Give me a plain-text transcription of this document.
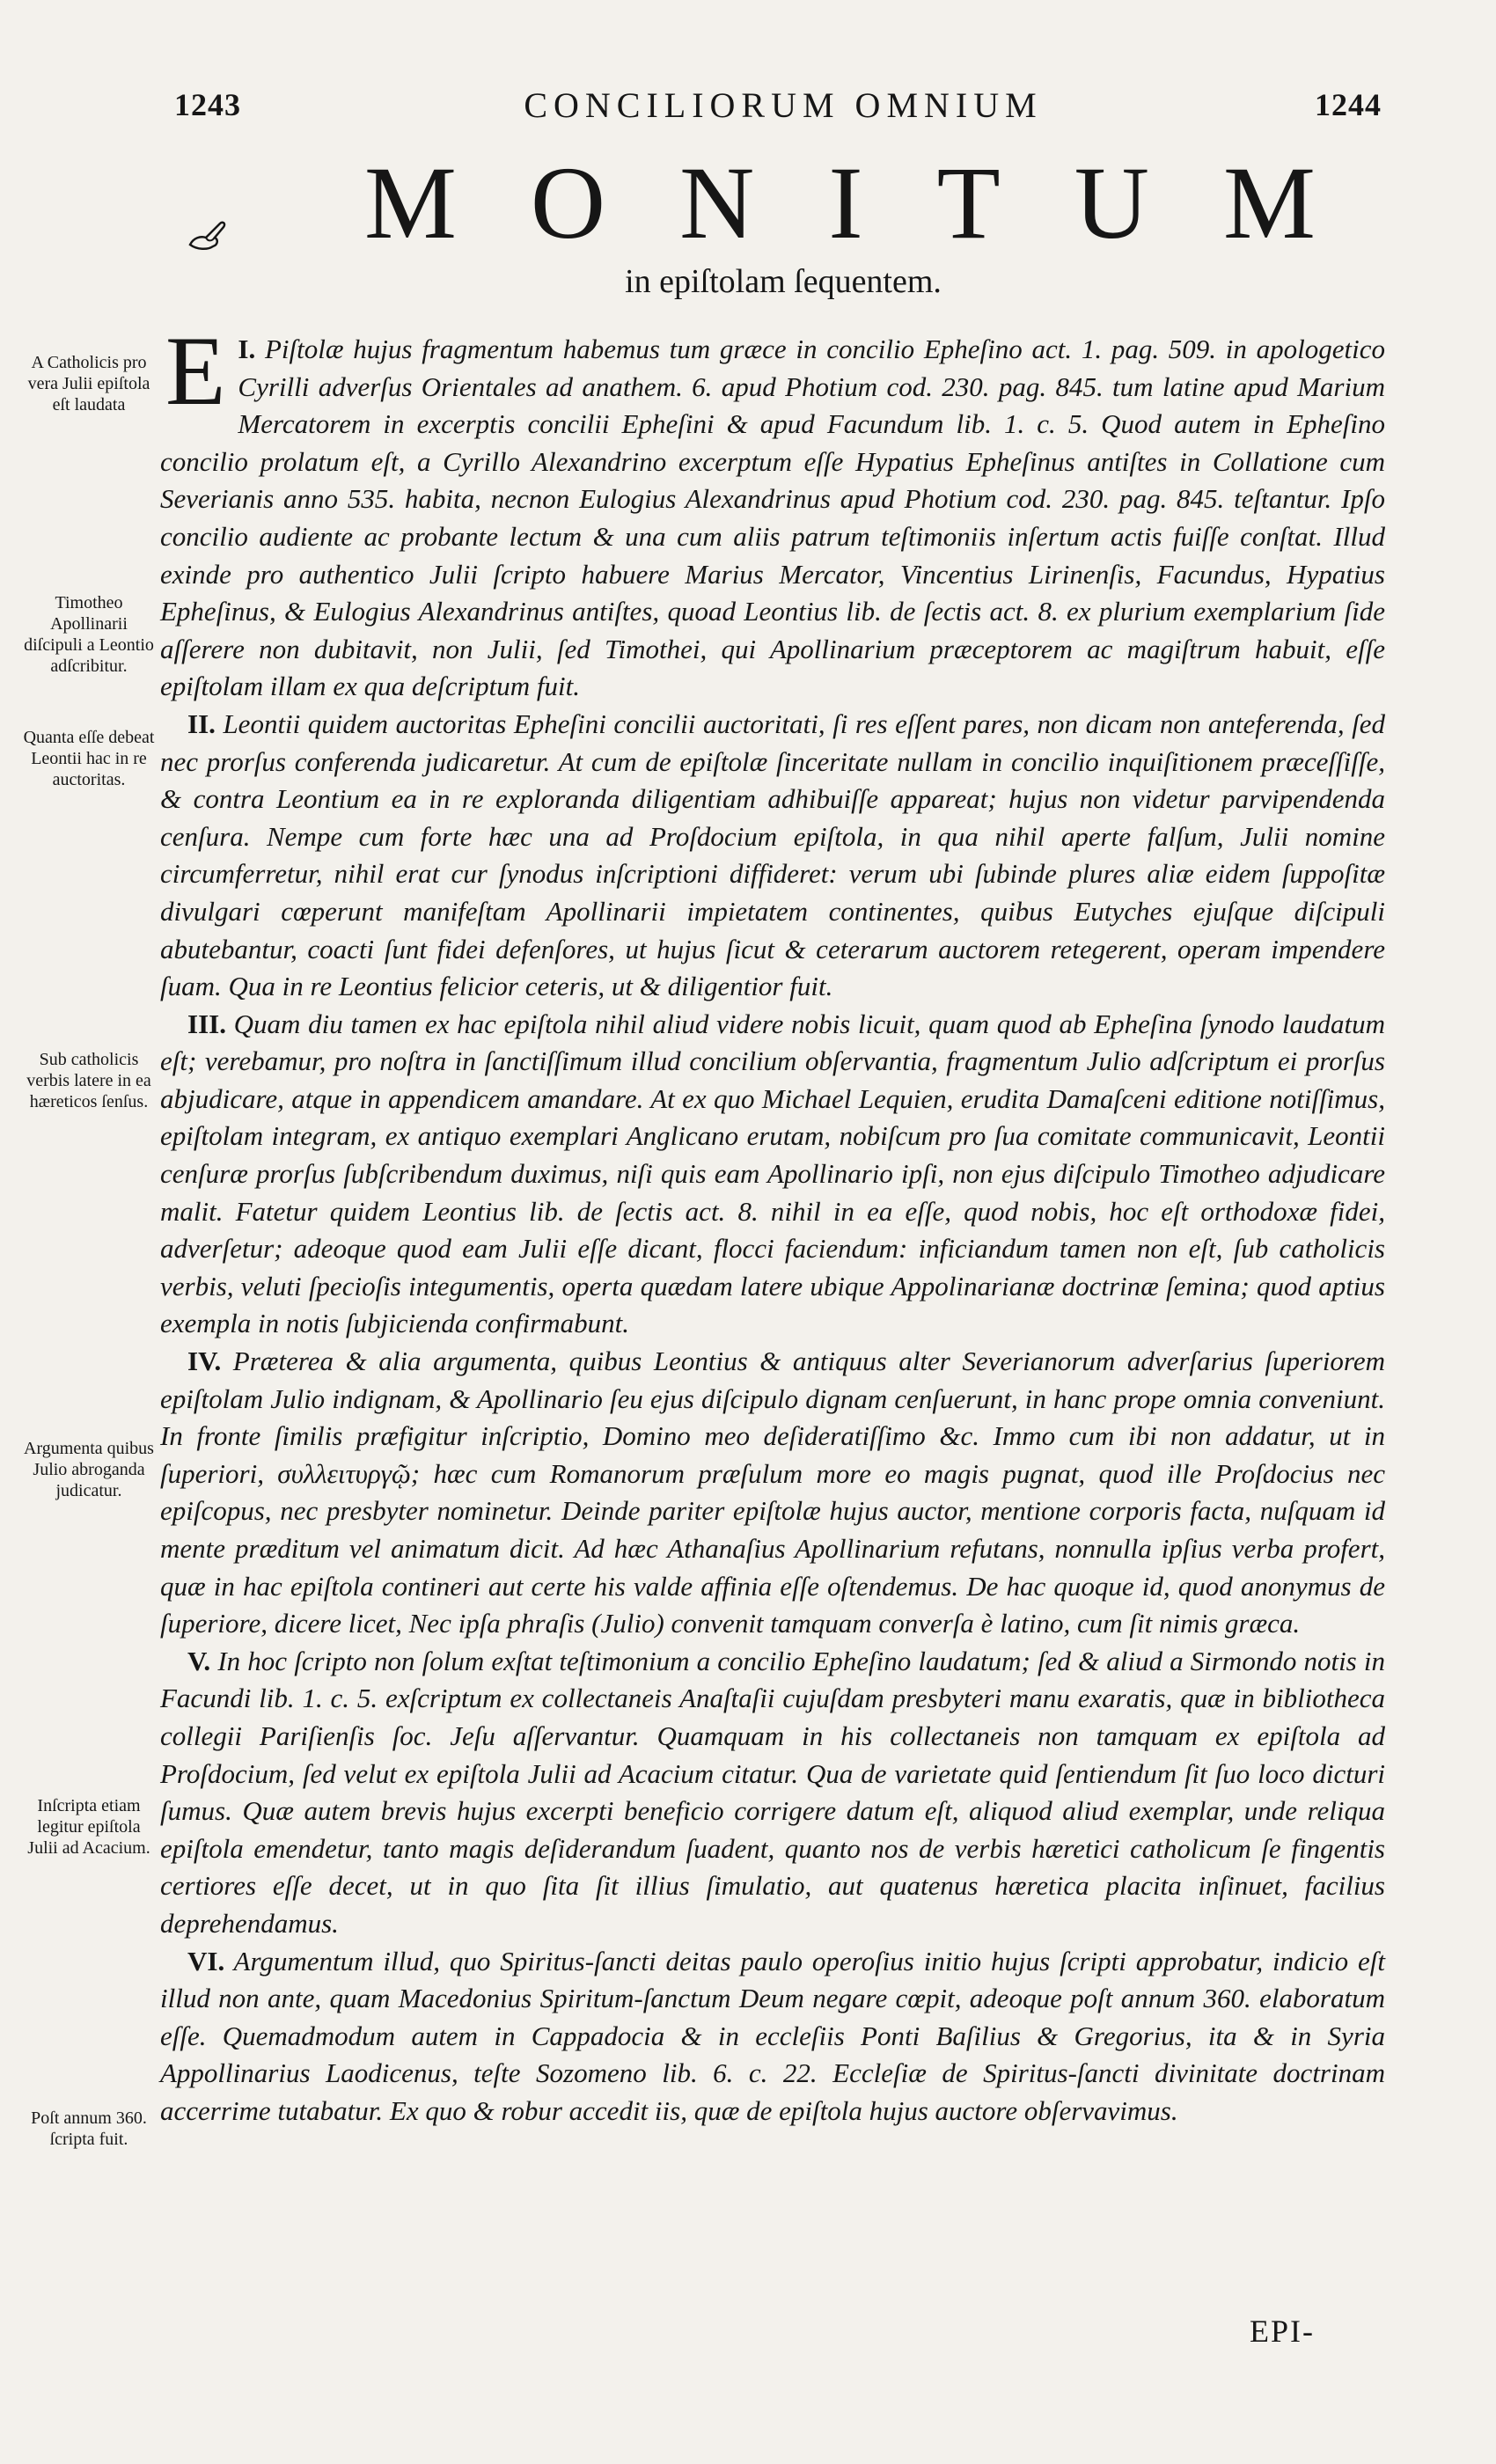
1243	CONCILIORUM OMNIUM	1244
MONITUM
in epiſtolam ſequentem.
A Catholicis pro vera Julii epiſtola eſt laudata
Timotheo Apollinarii diſcipuli a Leontio adſcribitur.
Quanta eſſe debeat Leontii hac in re auctoritas.
Sub catholicis verbis latere in ea hæreticos ſenſus.
Argumenta quibus Julio abroganda judicatur.
Inſcripta etiam legitur epiſtola Julii ad Acacium.
Poſt annum 360. ſcripta fuit.

I.
E Piſtolæ hujus fragmentum habemus tum græce in concilio Epheſino act. 1. pag. 509. in apologetico Cyrilli adverſus Orientales ad anathem. 6. apud Photium cod. 230. pag. 845. tum latine apud Marium Mercatorem in excerptis concilii Epheſini & apud Facundum lib. 1. c. 5. Quod autem in Epheſino concilio prolatum eſt, a Cyrillo Alexandrino excerptum eſſe Hypatius Epheſinus antiſtes in Collatione cum Severianis anno 535. habita, necnon Eulogius Alexandrinus apud Photium cod. 230. pag. 845. teſtantur. Ipſo concilio audiente ac probante lectum & una cum aliis patrum teſtimoniis inſertum actis fuiſſe conſtat. Illud exinde pro authentico Julii ſcripto habuere Marius Mercator, Vincentius Lirinenſis, Facundus, Hypatius Epheſinus, & Eulogius Alexandrinus antiſtes, quoad Leontius lib. de ſectis act. 8. ex plurium exemplarium ſide aſſerere non dubitavit, non Julii, ſed Timothei, qui Apollinarium præceptorem ac magiſtrum habuit, eſſe epiſtolam illam ex qua deſcriptum fuit.

 II. Leontii quidem auctoritas Epheſini concilii auctoritati, ſi res eſſent pares, non dicam non anteferenda, ſed nec prorſus conferenda judicaretur. At cum de epiſtolæ ſinceritate nullam in concilio inquiſitionem præceſſiſſe, & contra Leontium ea in re exploranda diligentiam adhibuiſſe appareat; hujus non videtur parvipendenda cenſura. Nempe cum forte hæc una ad Proſdocium epiſtola, in qua nihil aperte falſum, Julii nomine circumferretur, nihil erat cur ſynodus inſcriptioni diffideret: verum ubi ſubinde plures aliæ eidem ſuppoſitæ divulgari cœperunt manifeſtam Apollinarii impietatem continentes, quibus Eutyches ejuſque diſcipuli abutebantur, coacti ſunt fidei defenſores, ut hujus ſicut & ceterarum auctorem retegerent, operam impendere ſuam. Qua in re Leontius felicior ceteris, ut & diligentior fuit.

 III. Quam diu tamen ex hac epiſtola nihil aliud videre nobis licuit, quam quod ab Epheſina ſynodo laudatum eſt; verebamur, pro noſtra in ſanctiſſimum illud concilium obſervantia, fragmentum Julio adſcriptum ei prorſus abjudicare, atque in appendicem amandare. At ex quo Michael Lequien, erudita Damaſceni editione notiſſimus, epiſtolam integram, ex antiquo exemplari Anglicano erutam, nobiſcum pro ſua comitate communicavit, Leontii cenſuræ prorſus ſubſcribendum duximus, niſi quis eam Apollinario ipſi, non ejus diſcipulo Timotheo adjudicare malit. Fatetur quidem Leontius lib. de ſectis act. 8. nihil in ea eſſe, quod nobis, hoc eſt orthodoxæ fidei, adverſetur; adeoque quod eam Julii eſſe dicant, flocci faciendum: inficiandum tamen non eſt, ſub catholicis verbis, veluti ſpecioſis integumentis, operta quædam latere ubique Appolinarianæ doctrinæ ſemina; quod aptius exempla in notis ſubjicienda confirmabunt.

 IV. Præterea & alia argumenta, quibus Leontius & antiquus alter Severianorum adverſarius ſuperiorem epiſtolam Julio indignam, & Apollinario ſeu ejus diſcipulo dignam cenſuerunt, in hanc prope omnia conveniunt. In fronte ſimilis præfigitur inſcriptio, Domino meo deſideratiſſimo &c. Immo cum ibi non addatur, ut in ſuperiori, συλλειτυργῷ; hæc cum Romanorum præſulum more eo magis pugnat, quod ille Proſdocius nec epiſcopus, nec presbyter nominetur. Deinde pariter epiſtolæ hujus auctor, mentione corporis facta, nuſquam id mente præditum vel animatum dicit. Ad hæc Athanaſius Apollinarium refutans, nonnulla ipſius verba profert, quæ in hac epiſtola contineri aut certe his valde affinia eſſe oſtendemus. De hac quoque id, quod anonymus de ſuperiore, dicere licet, Nec ipſa phraſis (Julio) convenit tamquam converſa è latino, cum ſit nimis græca.

 V. In hoc ſcripto non ſolum exſtat teſtimonium a concilio Epheſino laudatum; ſed & aliud a Sirmondo notis in Facundi lib. 1. c. 5. exſcriptum ex collectaneis Anaſtaſii cujuſdam presbyteri manu exaratis, quæ in bibliotheca collegii Pariſienſis ſoc. Jeſu aſſervantur. Quamquam in his collectaneis non tamquam ex epiſtola ad Proſdocium, ſed velut ex epiſtola Julii ad Acacium citatur. Qua de varietate quid ſentiendum ſit ſuo loco dicturi ſumus. Quæ autem brevis hujus excerpti beneficio corrigere datum eſt, aliquod aliud exemplar, unde reliqua epiſtola emendetur, tanto magis deſiderandum ſuadent, quanto nos de verbis hæretici catholicum ſe fingentis certiores eſſe decet, ut in quo ſita ſit illius ſimulatio, aut quatenus hæretica placita inſinuet, facilius deprehendamus.

 VI. Argumentum illud, quo Spiritus-ſancti deitas paulo operoſius initio hujus ſcripti approbatur, indicio eſt illud non ante, quam Macedonius Spiritum-ſanctum Deum negare cœpit, adeoque poſt annum 360. elaboratum eſſe. Quemadmodum autem in Cappadocia & in eccleſiis Ponti Baſilius & Gregorius, ita & in Syria Appollinarius Laodicenus, teſte Sozomeno lib. 6. c. 22. Eccleſiæ de Spiritus-ſancti divinitate doctrinam accerrime tutabatur. Ex quo & robur accedit iis, quæ de epiſtola hujus auctore obſervavimus.

EPI-
